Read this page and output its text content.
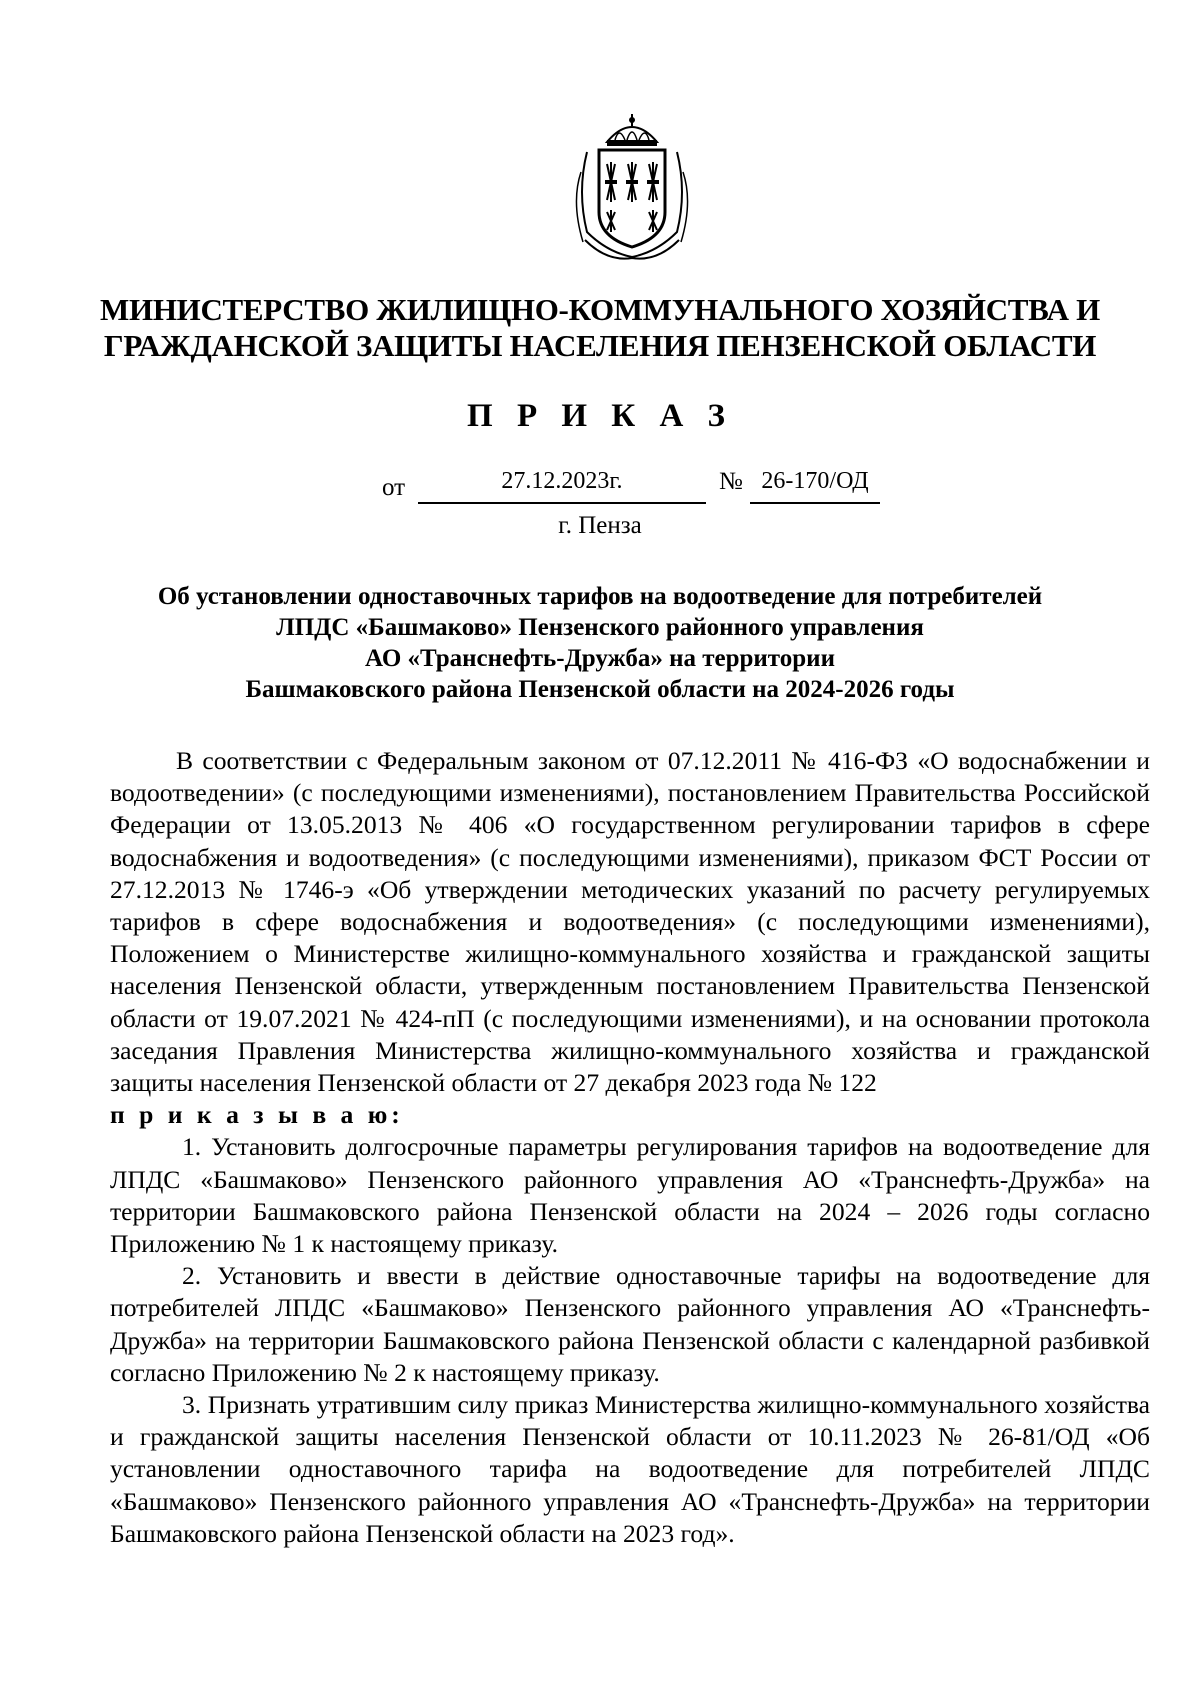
МИНИСТЕРСТВО ЖИЛИЩНО-КОММУНАЛЬНОГО ХОЗЯЙСТВА И
ГРАЖДАНСКОЙ ЗАЩИТЫ НАСЕЛЕНИЯ ПЕНЗЕНСКОЙ ОБЛАСТИ
П Р И К А З
от	27.12.2023г.	№ 26-170/ОД
г. Пенза
Об установлении одноставочных тарифов на водоотведение для потребителей
ЛПДС «Башмаково» Пензенского районного управления
АО «Транснефть-Дружба» на территории
Башмаковского района Пензенской области на 2024-2026 годы

В соответствии с Федеральным законом от 07.12.2011 № 416-ФЗ «О водоснабжении и водоотведении» (с последующими изменениями), постановлением Правительства Российской Федерации от 13.05.2013 № 406 «О государственном регулировании тарифов в сфере водоснабжения и водоотведения» (с последующими изменениями), приказом ФСТ России от 27.12.2013 № 1746-э «Об утверждении методических указаний по расчету регулируемых тарифов в сфере водоснабжения и водоотведения» (с последующими изменениями), Положением о Министерстве жилищно-коммунального хозяйства и гражданской защиты населения Пензенской области, утвержденным постановлением Правительства Пензенской области от 19.07.2021 № 424-пП (с последующими изменениями), и на основании протокола заседания Правления Министерства жилищно-коммунального хозяйства и гражданской защиты населения Пензенской области от 27 декабря 2023 года № 122

п р и к а з ы в а ю:

1. Установить долгосрочные параметры регулирования тарифов на водоотведение для ЛПДС «Башмаково» Пензенского районного управления АО «Транснефть-Дружба» на территории Башмаковского района Пензенской области на 2024 – 2026 годы согласно Приложению № 1 к настоящему приказу.

2. Установить и ввести в действие одноставочные тарифы на водоотведение для потребителей ЛПДС «Башмаково» Пензенского районного управления АО «Транснефть-Дружба» на территории Башмаковского района Пензенской области с календарной разбивкой согласно Приложению № 2 к настоящему приказу.

3. Признать утратившим силу приказ Министерства жилищно-коммунального хозяйства и гражданской защиты населения Пензенской области от 10.11.2023 № 26-81/ОД «Об установлении одноставочного тарифа на водоотведение для потребителей ЛПДС «Башмаково» Пензенского районного управления АО «Транснефть-Дружба» на территории Башмаковского района Пензенской области на 2023 год».
